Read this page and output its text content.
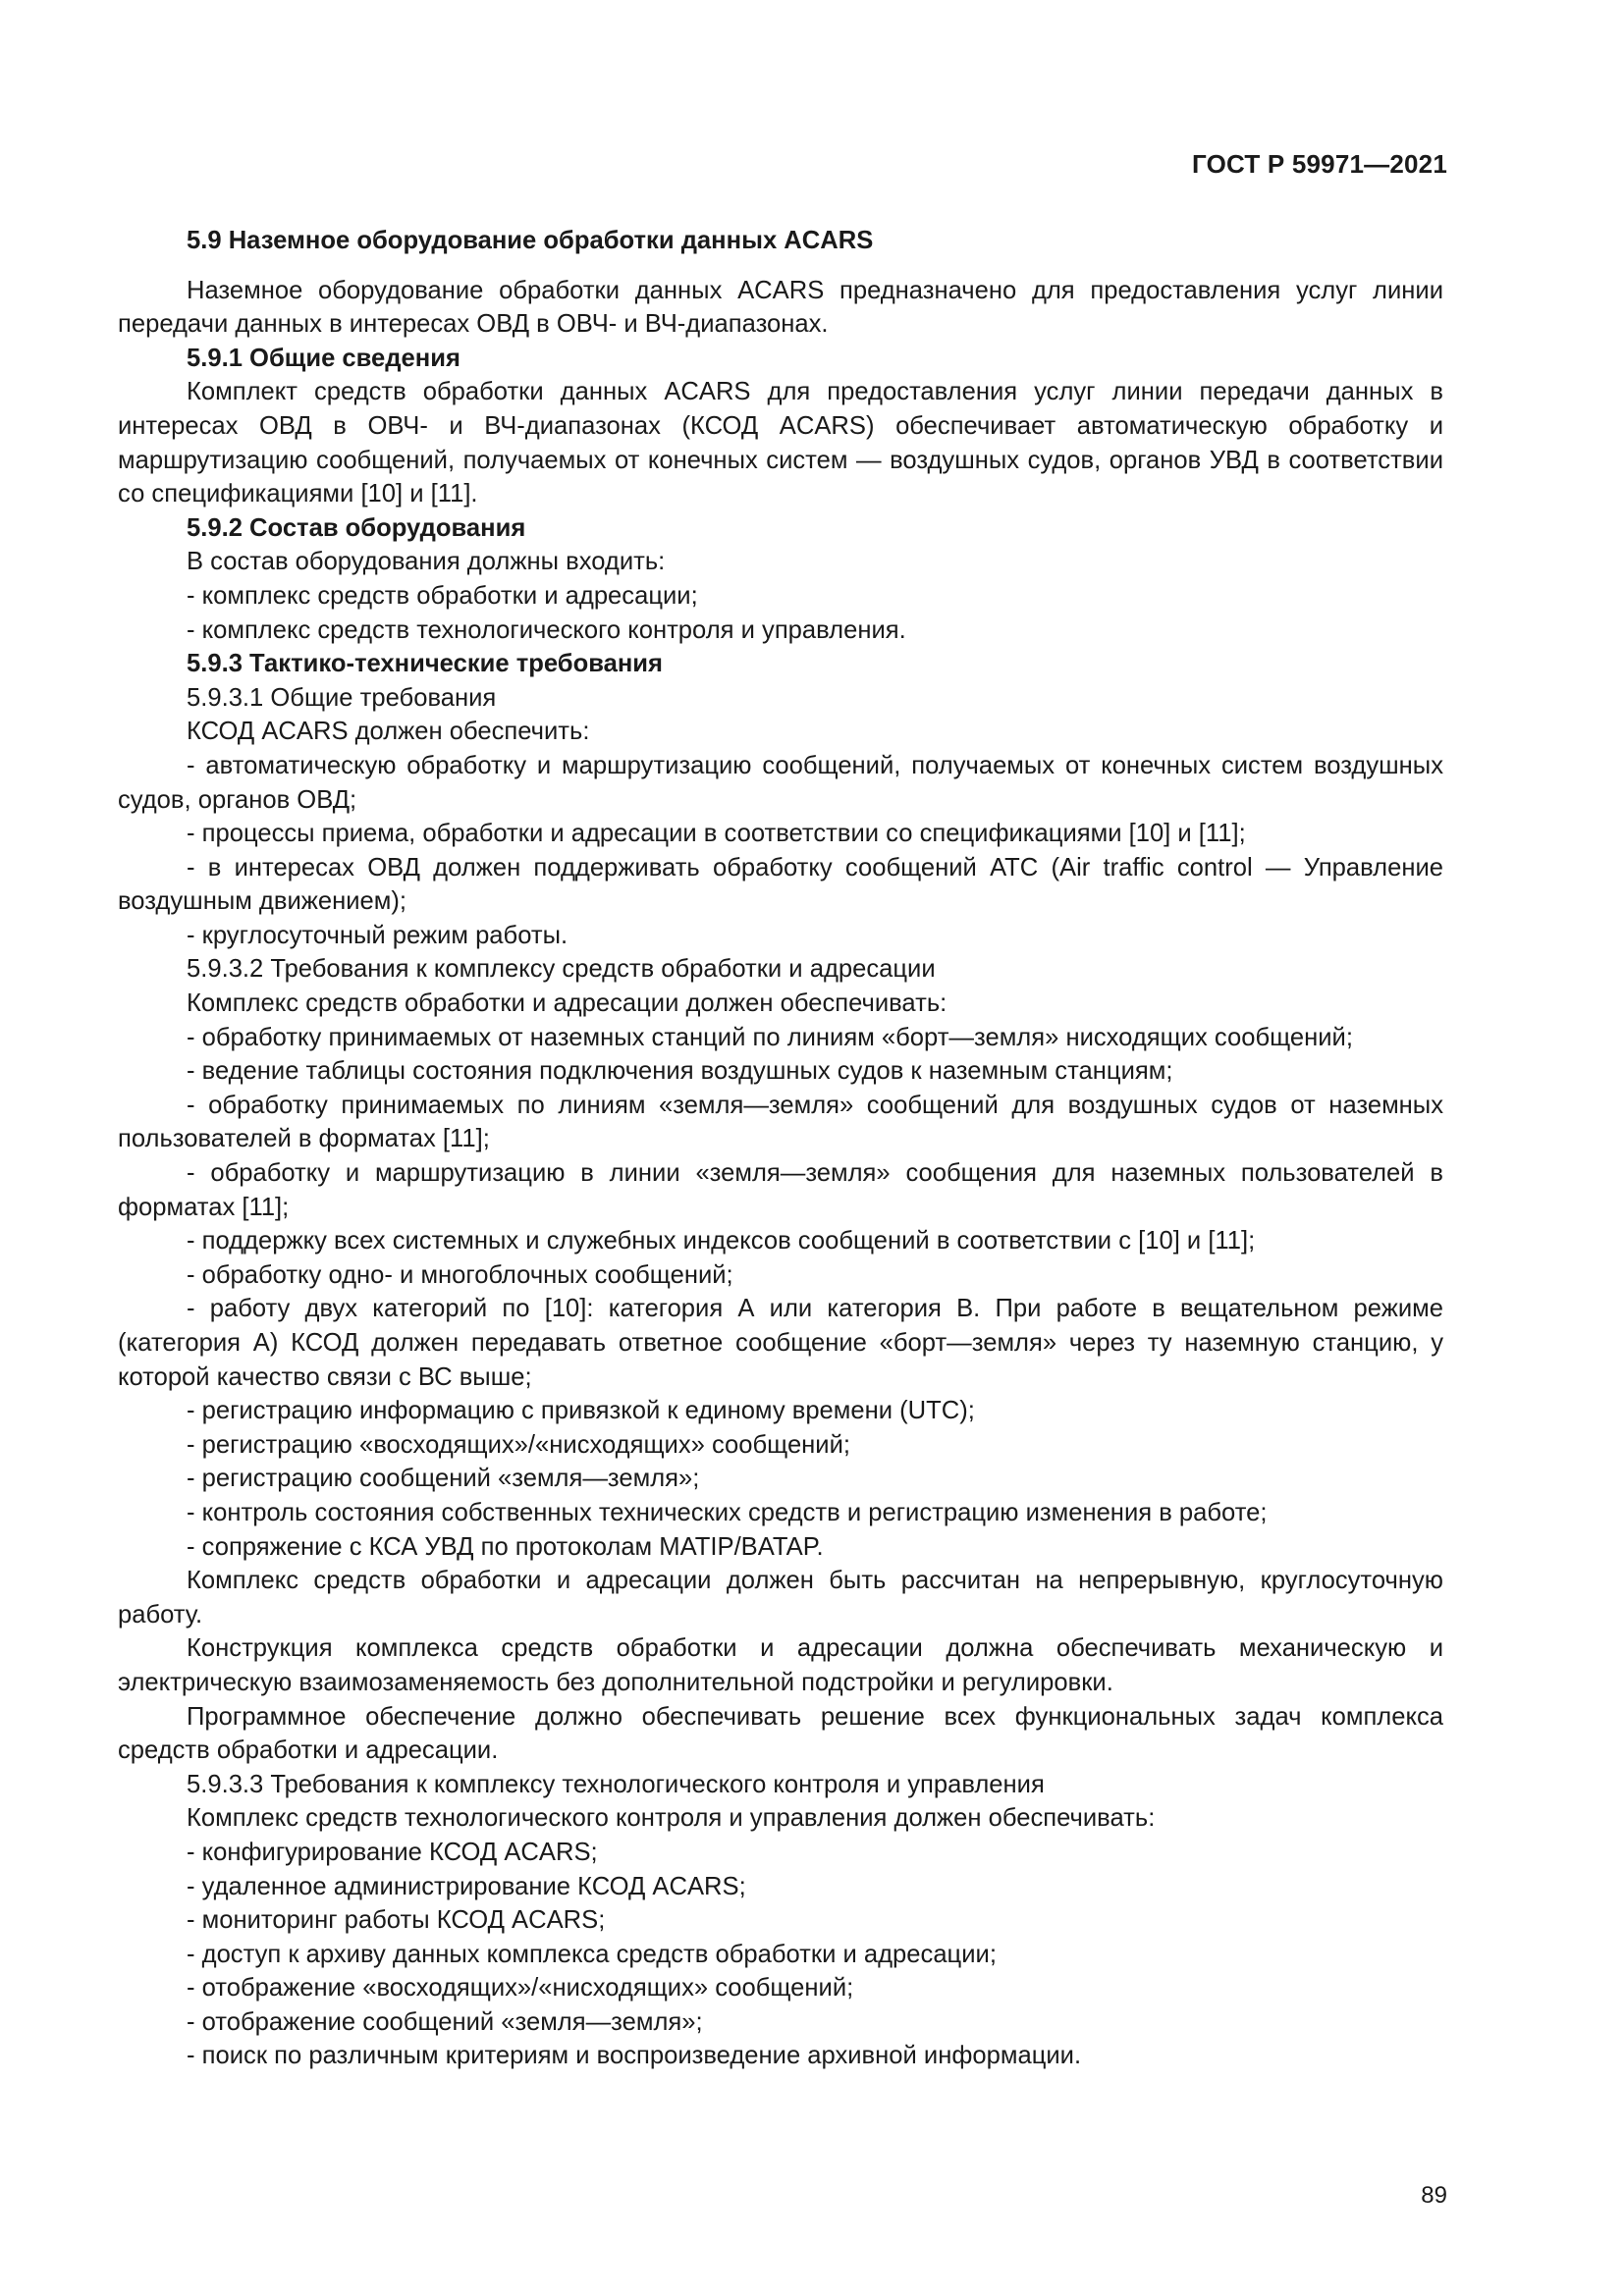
ГОСТ Р 59971—2021

5.9 Наземное оборудование обработки данных ACARS

Наземное оборудование обработки данных ACARS предназначено для предоставления услуг линии передачи данных в интересах ОВД в ОВЧ- и ВЧ-диапазонах.

5.9.1 Общие сведения

Комплект средств обработки данных ACARS для предоставления услуг линии передачи данных в интересах ОВД в ОВЧ- и ВЧ-диапазонах (КСОД ACARS) обеспечивает автоматическую обработку и маршрутизацию сообщений, получаемых от конечных систем — воздушных судов, органов УВД в соответствии со спецификациями [10] и [11].

5.9.2 Состав оборудования

В состав оборудования должны входить:

- комплекс средств обработки и адресации;

- комплекс средств технологического контроля и управления.

5.9.3 Тактико-технические требования

5.9.3.1 Общие требования

КСОД ACARS должен обеспечить:

- автоматическую обработку и маршрутизацию сообщений, получаемых от конечных систем воздушных судов, органов ОВД;

- процессы приема, обработки и адресации в соответствии со спецификациями [10] и [11];

- в интересах ОВД должен поддерживать обработку сообщений АТС (Air traffic control — Управление воздушным движением);

- круглосуточный режим работы.

5.9.3.2 Требования к комплексу средств обработки и адресации

Комплекс средств обработки и адресации должен обеспечивать:

- обработку принимаемых от наземных станций по линиям «борт—земля» нисходящих сообщений;

- ведение таблицы состояния подключения воздушных судов к наземным станциям;

- обработку принимаемых по линиям «земля—земля» сообщений для воздушных судов от наземных пользователей в форматах [11];

- обработку и маршрутизацию в линии «земля—земля» сообщения для наземных пользователей в форматах [11];

- поддержку всех системных и служебных индексов сообщений в соответствии с [10] и [11];

- обработку одно- и многоблочных сообщений;

- работу двух категорий по [10]: категория А или категория В. При работе в вещательном режиме (категория А) КСОД должен передавать ответное сообщение «борт—земля» через ту наземную станцию, у которой качество связи с ВС выше;

- регистрацию информацию с привязкой к единому времени (UTC);

- регистрацию «восходящих»/«нисходящих» сообщений;

- регистрацию сообщений «земля—земля»;

- контроль состояния собственных технических средств и регистрацию изменения в работе;

- сопряжение с КСА УВД по протоколам MATIP/BATAP.

Комплекс средств обработки и адресации должен быть рассчитан на непрерывную, круглосуточную работу.

Конструкция комплекса средств обработки и адресации должна обеспечивать механическую и электрическую взаимозаменяемость без дополнительной подстройки и регулировки.

Программное обеспечение должно обеспечивать решение всех функциональных задач комплекса средств обработки и адресации.

5.9.3.3 Требования к комплексу технологического контроля и управления

Комплекс средств технологического контроля и управления должен обеспечивать:

- конфигурирование КСОД ACARS;

- удаленное администрирование КСОД ACARS;

- мониторинг работы КСОД ACARS;

- доступ к архиву данных комплекса средств обработки и адресации;

- отображение «восходящих»/«нисходящих» сообщений;

- отображение сообщений «земля—земля»;

- поиск по различным критериям и воспроизведение архивной информации.

89
